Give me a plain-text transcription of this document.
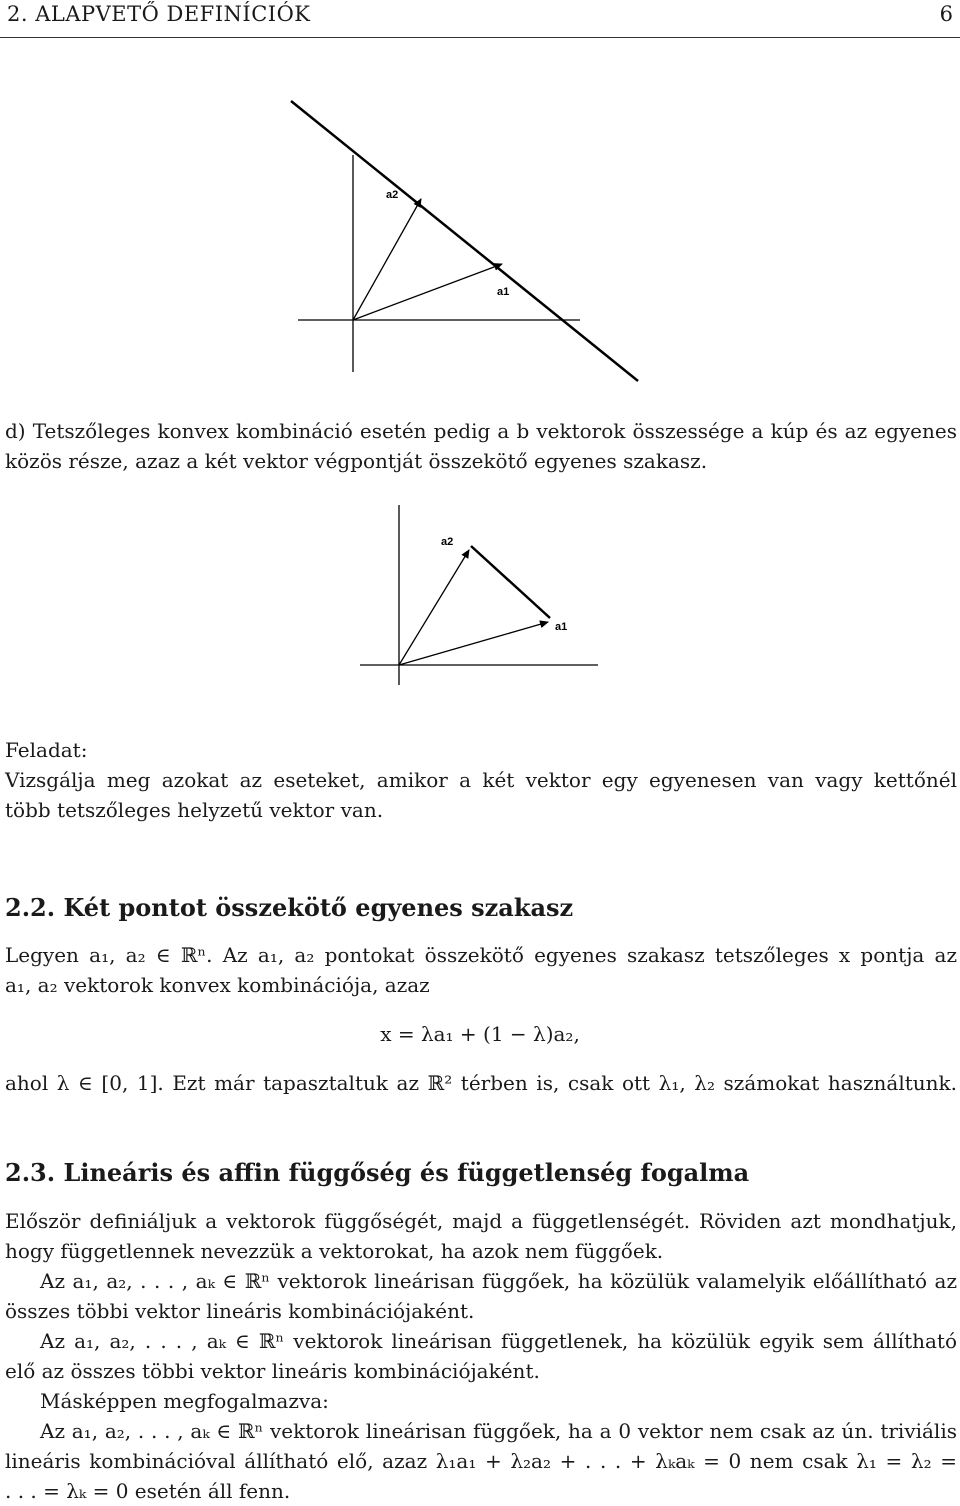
2. ALAPVETŐ DEFINÍCIÓK	6
a2
a1
d) Tetszőleges konvex kombináció esetén pedig a b vektorok összessége a kúp és az egyenes
közös része, azaz a két vektor végpontját összekötő egyenes szakasz.
a2
a1
Feladat:
Vizsgálja meg azokat az eseteket, amikor a két vektor egy egyenesen van vagy kettőnél
több tetszőleges helyzetű vektor van.
2.2. Két pontot összekötő egyenes szakasz
Legyen a₁, a₂ ∈ ℝⁿ. Az a₁, a₂ pontokat összekötő egyenes szakasz tetszőleges x pontja az
a₁, a₂ vektorok konvex kombinációja, azaz
x = λa₁ + (1 − λ)a₂,
ahol λ ∈ [0, 1]. Ezt már tapasztaltuk az ℝ² térben is, csak ott λ₁, λ₂ számokat használtunk.
2.3. Lineáris és affin függőség és függetlenség fogalma
Először definiáljuk a vektorok függőségét, majd a függetlenségét. Röviden azt mondhatjuk,
hogy függetlennek nevezzük a vektorokat, ha azok nem függőek.
Az a₁, a₂, . . . , aₖ ∈ ℝⁿ vektorok lineárisan függőek, ha közülük valamelyik előállítható az
összes többi vektor lineáris kombinációjaként.
Az a₁, a₂, . . . , aₖ ∈ ℝⁿ vektorok lineárisan függetlenek, ha közülük egyik sem állítható
elő az összes többi vektor lineáris kombinációjaként.
Másképpen megfogalmazva:
Az a₁, a₂, . . . , aₖ ∈ ℝⁿ vektorok lineárisan függőek, ha a 0 vektor nem csak az ún. triviális
lineáris kombinációval állítható elő, azaz λ₁a₁ + λ₂a₂ + . . . + λₖaₖ = 0 nem csak λ₁ = λ₂ =
. . . = λₖ = 0 esetén áll fenn.
